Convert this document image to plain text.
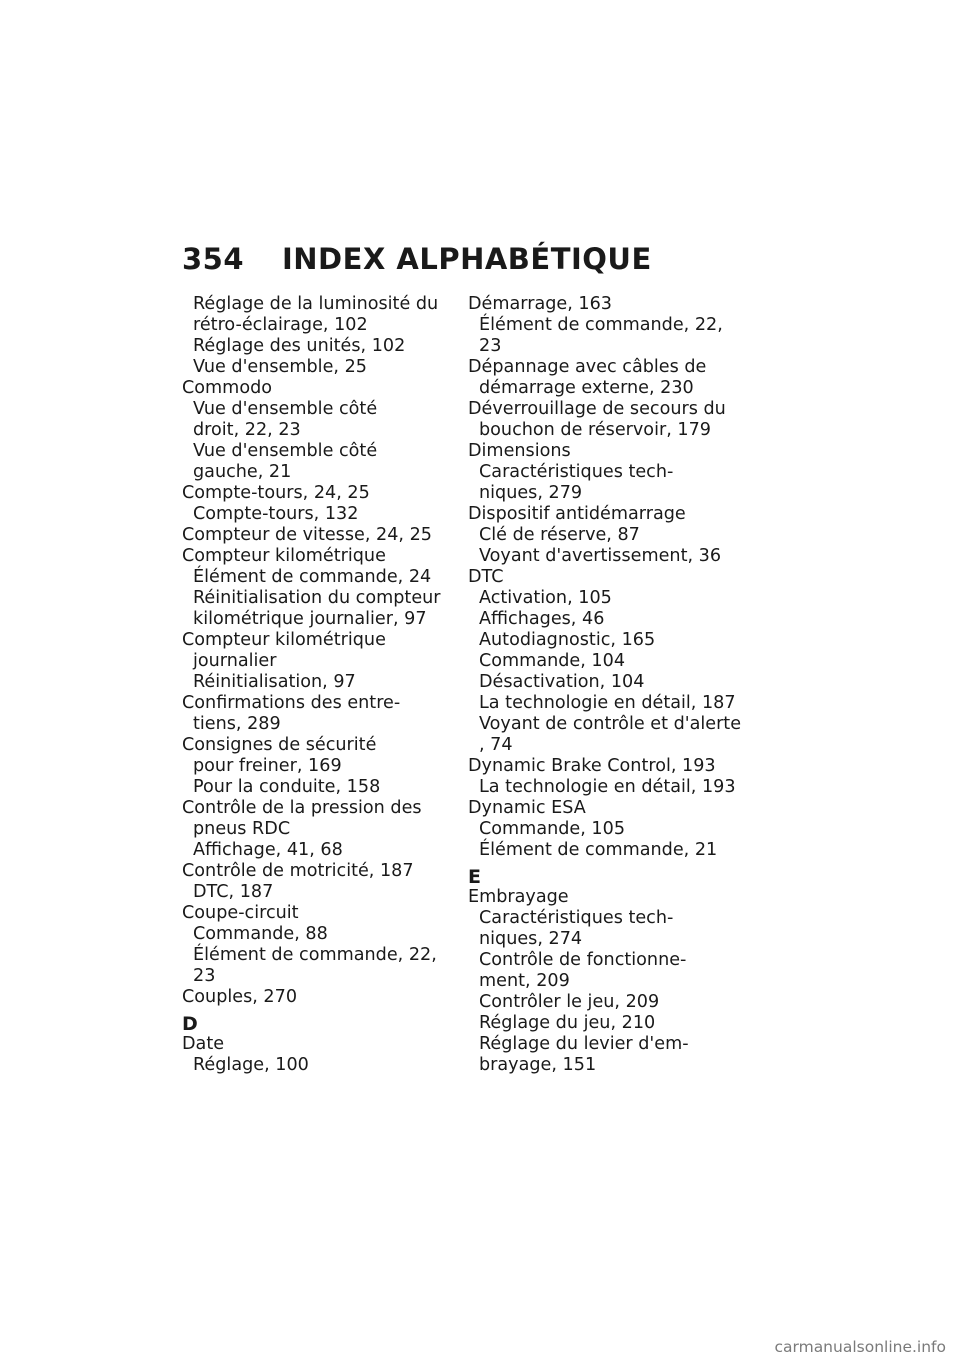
354 INDEX ALPHABÉTIQUE
Réglage de la luminosité du
rétro-éclairage, 102
Réglage des unités, 102
Vue d'ensemble, 25
Commodo
Vue d'ensemble côté
droit, 22, 23
Vue d'ensemble côté
gauche, 21
Compte-tours, 24, 25
Compte-tours, 132
Compteur de vitesse, 24, 25
Compteur kilométrique
Élément de commande, 24
Réinitialisation du compteur
kilométrique journalier, 97
Compteur kilométrique
journalier
Réinitialisation, 97
Confirmations des entre-
tiens, 289
Consignes de sécurité
pour freiner, 169
Pour la conduite, 158
Contrôle de la pression des
pneus RDC
Affichage, 41, 68
Contrôle de motricité, 187
DTC, 187
Coupe-circuit
Commande, 88
Élément de commande, 22,
23
Couples, 270
D
Date
Réglage, 100
Démarrage, 163
Élément de commande, 22,
23
Dépannage avec câbles de
démarrage externe, 230
Déverrouillage de secours du
bouchon de réservoir, 179
Dimensions
Caractéristiques tech-
niques, 279
Dispositif antidémarrage
Clé de réserve, 87
Voyant d'avertissement, 36
DTC
Activation, 105
Affichages, 46
Autodiagnostic, 165
Commande, 104
Désactivation, 104
La technologie en détail, 187
Voyant de contrôle et d'alerte
, 74
Dynamic Brake Control, 193
La technologie en détail, 193
Dynamic ESA
Commande, 105
Élément de commande, 21
E
Embrayage
Caractéristiques tech-
niques, 274
Contrôle de fonctionne-
ment, 209
Contrôler le jeu, 209
Réglage du jeu, 210
Réglage du levier d'em-
brayage, 151
carmanualsonline.info
